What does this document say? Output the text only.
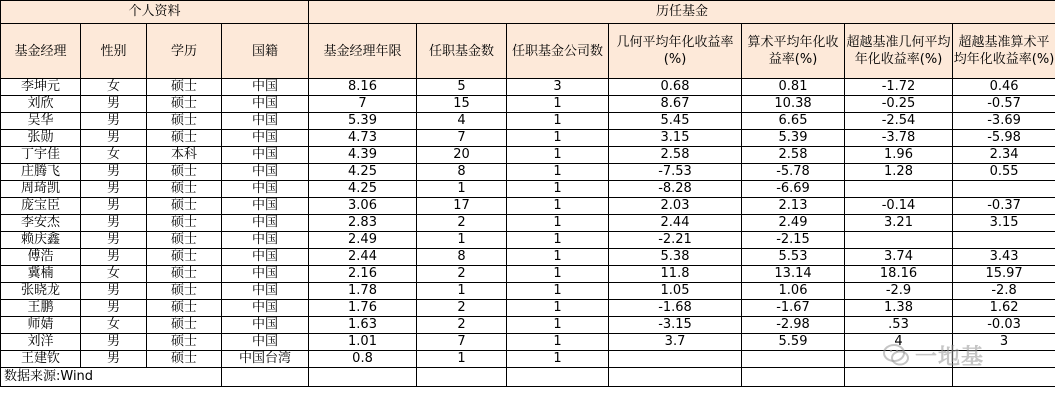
个人资料				历任基金						
基金经理	性别	学历	国籍	基金经理年限	任职基金数	任职基金公司数	几何平均年化收益率(%)	算术平均年化收益率(%)	超越基准几何平均年化收益率(%)	超越基准算术平均年化收益率(%)
李坤元	女	硕士	中国	8.16	5	3	0.68	0.81	-1.72	0.46
刘欣	男	硕士	中国	7	15	1	8.67	10.38	-0.25	-0.57
吴华	男	硕士	中国	5.39	4	1	5.45	6.65	-2.54	-3.69
张勋	男	硕士	中国	4.73	7	1	3.15	5.39	-3.78	-5.98
丁宇佳	女	本科	中国	4.39	20	1	2.58	2.58	1.96	2.34
庄腾飞	男	硕士	中国	4.25	8	1	-7.53	-5.78	1.28	0.55
周琦凯	男	硕士	中国	4.25	1	1	-8.28	-6.69		
庞宝臣	男	硕士	中国	3.06	17	1	2.03	2.13	-0.14	-0.37
李安杰	男	硕士	中国	2.83	2	1	2.44	2.49	3.21	3.15
赖庆鑫	男	硕士	中国	2.49	1	1	-2.21	-2.15		
傅浩	男	硕士	中国	2.44	8	1	5.38	5.53	3.74	3.43
冀楠	女	硕士	中国	2.16	2	1	11.8	13.14	18.16	15.97
张晓龙	男	硕士	中国	1.78	1	1	1.05	1.06	-2.9	-2.8
王鹏	男	硕士	中国	1.76	2	1	-1.68	-1.67	1.38	1.62
师婧	女	硕士	中国	1.63	2	1	-3.15	-2.98	.53	-0.03
刘洋	男	硕士	中国	1.01	7	1	3.7	5.59	4	3
王建钦	男	硕士	中国台湾	0.8	1	1				
数据来源:Wind										
一地基
